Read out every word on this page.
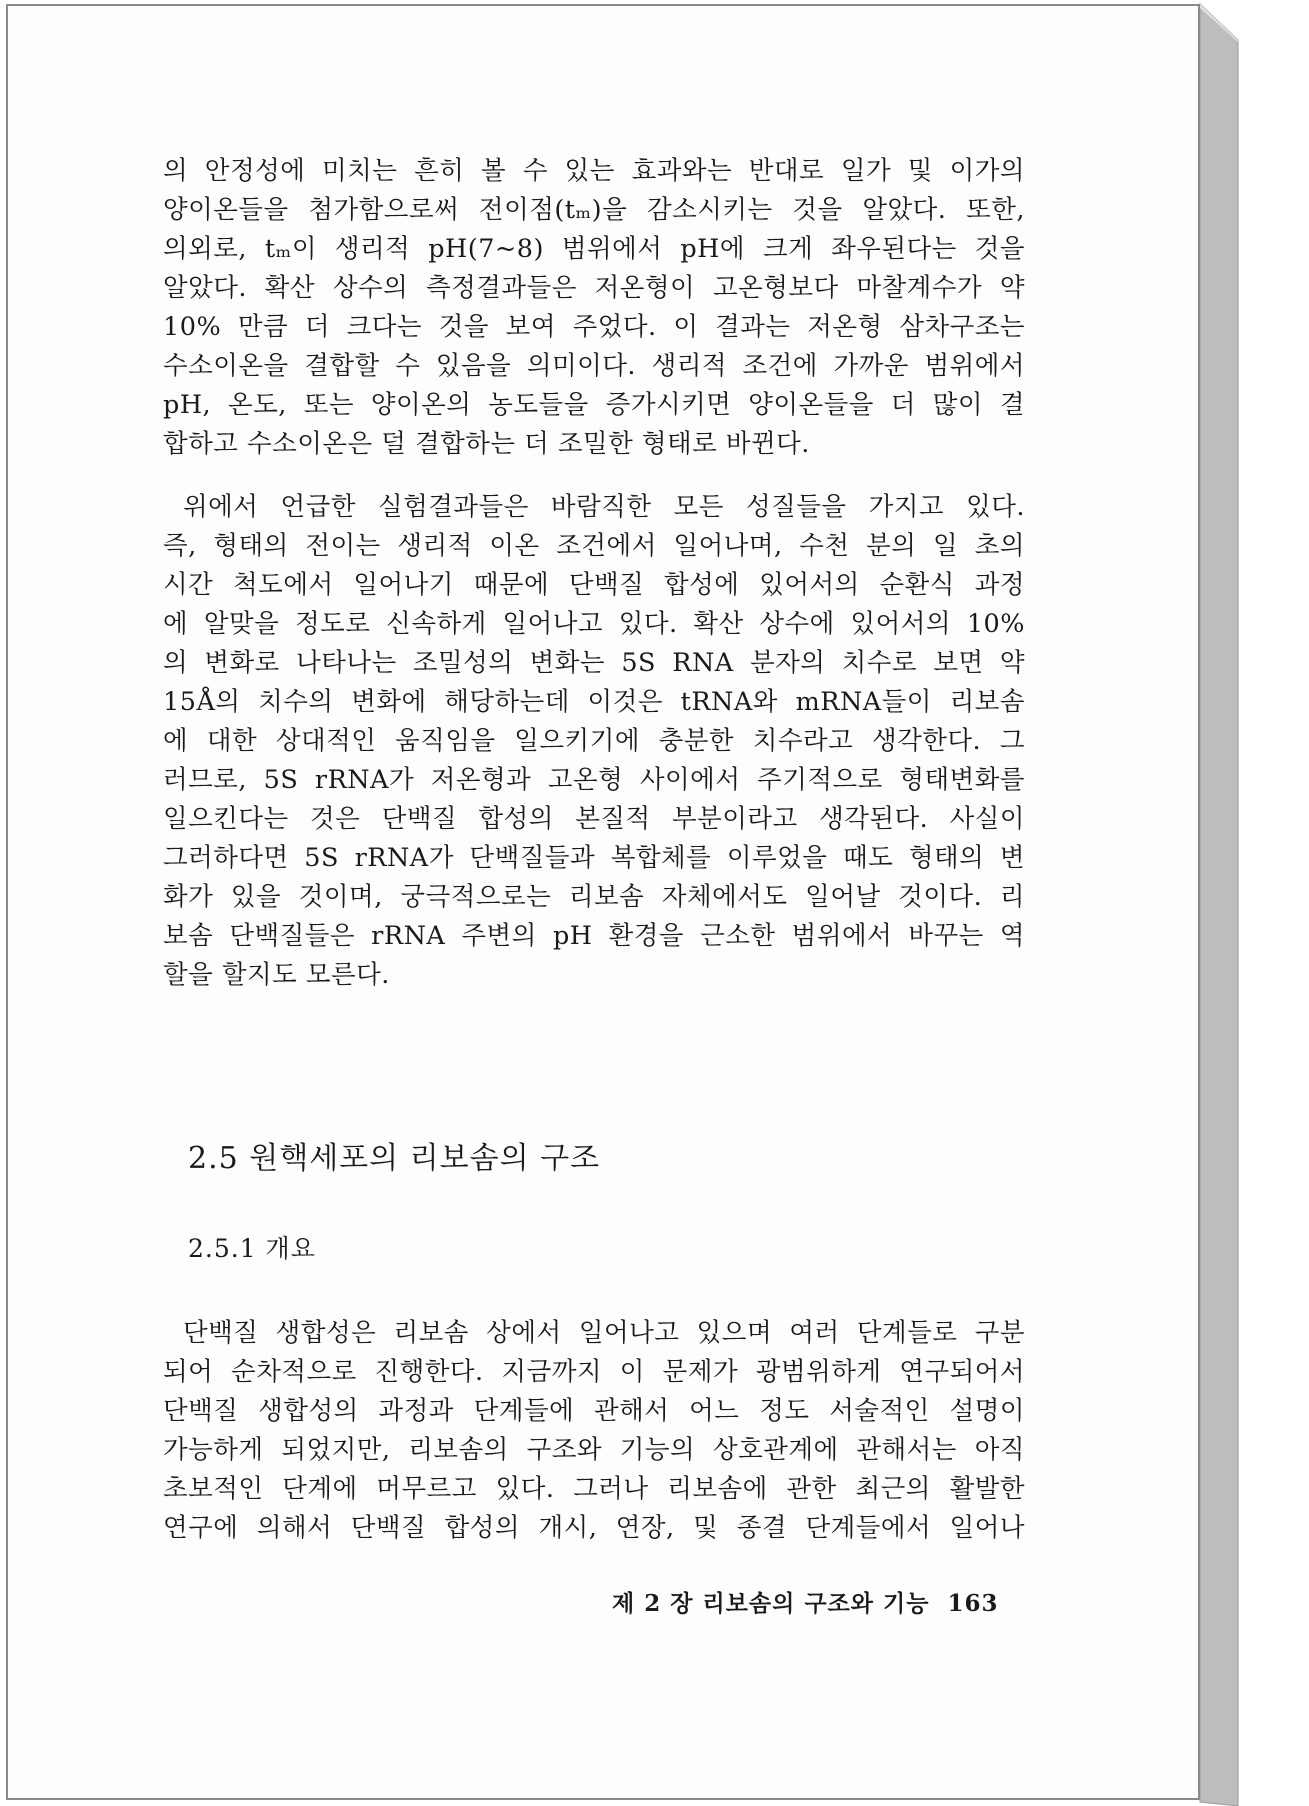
의 안정성에 미치는 흔히 볼 수 있는 효과와는 반대로 일가 및 이가의
양이온들을 첨가함으로써 전이점(tₘ)을 감소시키는 것을 알았다. 또한,
의외로, tₘ이 생리적 pH(7~8) 범위에서 pH에 크게 좌우된다는 것을
알았다. 확산 상수의 측정결과들은 저온형이 고온형보다 마찰계수가 약
10% 만큼 더 크다는 것을 보여 주었다. 이 결과는 저온형 삼차구조는
수소이온을 결합할 수 있음을 의미이다. 생리적 조건에 가까운 범위에서
pH, 온도, 또는 양이온의 농도들을 증가시키면 양이온들을 더 많이 결
합하고 수소이온은 덜 결합하는 더 조밀한 형태로 바뀐다.
위에서 언급한 실험결과들은 바람직한 모든 성질들을 가지고 있다.
즉, 형태의 전이는 생리적 이온 조건에서 일어나며, 수천 분의 일 초의
시간 척도에서 일어나기 때문에 단백질 합성에 있어서의 순환식 과정
에 알맞을 정도로 신속하게 일어나고 있다. 확산 상수에 있어서의 10%
의 변화로 나타나는 조밀성의 변화는 5S RNA 분자의 치수로 보면 약
15Å의 치수의 변화에 해당하는데 이것은 tRNA와 mRNA들이 리보솜
에 대한 상대적인 움직임을 일으키기에 충분한 치수라고 생각한다. 그
러므로, 5S rRNA가 저온형과 고온형 사이에서 주기적으로 형태변화를
일으킨다는 것은 단백질 합성의 본질적 부분이라고 생각된다. 사실이
그러하다면 5S rRNA가 단백질들과 복합체를 이루었을 때도 형태의 변
화가 있을 것이며, 궁극적으로는 리보솜 자체에서도 일어날 것이다. 리
보솜 단백질들은 rRNA 주변의 pH 환경을 근소한 범위에서 바꾸는 역
할을 할지도 모른다.
2.5 원핵세포의 리보솜의 구조
2.5.1 개요
단백질 생합성은 리보솜 상에서 일어나고 있으며 여러 단계들로 구분
되어 순차적으로 진행한다. 지금까지 이 문제가 광범위하게 연구되어서
단백질 생합성의 과정과 단계들에 관해서 어느 정도 서술적인 설명이
가능하게 되었지만, 리보솜의 구조와 기능의 상호관계에 관해서는 아직
초보적인 단계에 머무르고 있다. 그러나 리보솜에 관한 최근의 활발한
연구에 의해서 단백질 합성의 개시, 연장, 및 종결 단계들에서 일어나
제 2 장 리보솜의 구조와 기능 163
